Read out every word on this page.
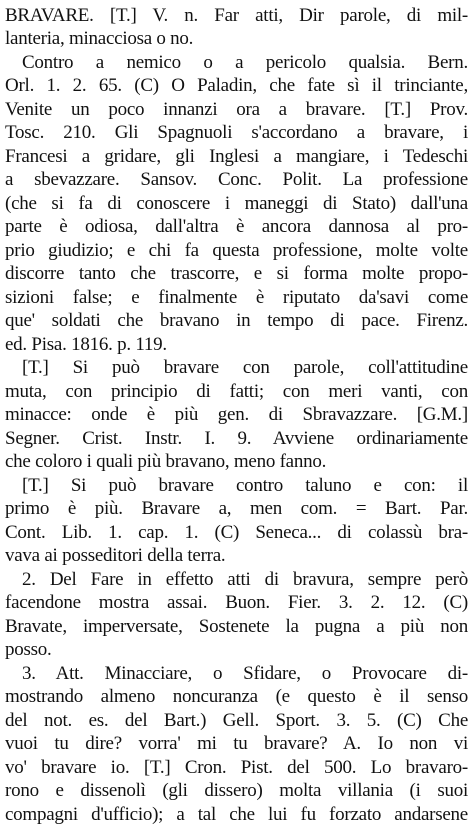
BRAVARE. [T.] V. n. Far atti, Dir parole, di mil-
lanteria, minacciosa o no.
Contro a nemico o a pericolo qualsia. Bern.
Orl. 1. 2. 65. (C) O Paladin, che fate sì il trinciante,
Venite un poco innanzi ora a bravare. [T.] Prov.
Tosc. 210. Gli Spagnuoli s'accordano a bravare, i
Francesi a gridare, gli Inglesi a mangiare, i Tedeschi
a sbevazzare. Sansov. Conc. Polit. La professione
(che si fa di conoscere i maneggi di Stato) dall'una
parte è odiosa, dall'altra è ancora dannosa al pro-
prio giudizio; e chi fa questa professione, molte volte
discorre tanto che trascorre, e si forma molte propo-
sizioni false; e finalmente è riputato da'savi come
que' soldati che bravano in tempo di pace. Firenz.
ed. Pisa. 1816. p. 119.
[T.] Si può bravare con parole, coll'attitudine
muta, con principio di fatti; con meri vanti, con
minacce: onde è più gen. di Sbravazzare. [G.M.]
Segner. Crist. Instr. I. 9. Avviene ordinariamente
che coloro i quali più bravano, meno fanno.
[T.] Si può bravare contro taluno e con: il
primo è più. Bravare a, men com. = Bart. Par.
Cont. Lib. 1. cap. 1. (C) Seneca... di colassù bra-
vava ai posseditori della terra.
2. Del Fare in effetto atti di bravura, sempre però
facendone mostra assai. Buon. Fier. 3. 2. 12. (C)
Bravate, imperversate, Sostenete la pugna a più non
posso.
3. Att. Minacciare, o Sfidare, o Provocare di-
mostrando almeno noncuranza (e questo è il senso
del not. es. del Bart.) Gell. Sport. 3. 5. (C) Che
vuoi tu dire? vorra' mi tu bravare? A. Io non vi
vo' bravare io. [T.] Cron. Pist. del 500. Lo bravaro-
rono e dissenolì (gli dissero) molta villania (i suoi
compagni d'ufficio); a tal che lui fu forzato andarsene
